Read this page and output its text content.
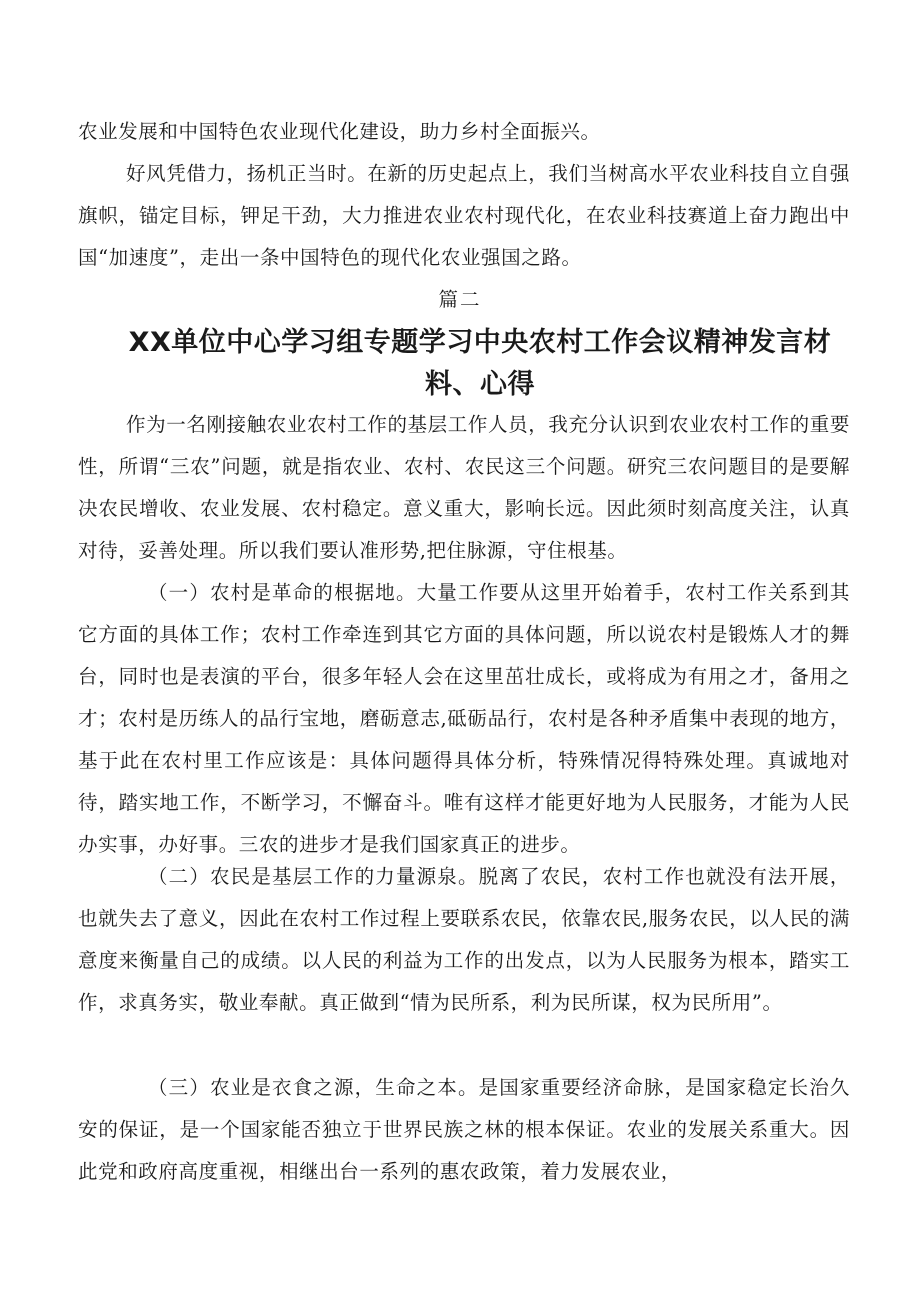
农业发展和中国特色农业现代化建设，助力乡村全面振兴。

好风凭借力，扬机正当时。在新的历史起点上，我们当树高水平农业科技自立自强旗帜，锚定目标，钾足干劲，大力推进农业农村现代化，在农业科技赛道上奋力跑出中国“加速度”，走出一条中国特色的现代化农业强国之路。

篇二
XX单位中心学习组专题学习中央农村工作会议精神发言材料、心得

作为一名刚接触农业农村工作的基层工作人员，我充分认识到农业农村工作的重要性，所谓“三农”问题，就是指农业、农村、农民这三个问题。研究三农问题目的是要解决农民增收、农业发展、农村稳定。意义重大，影响长远。因此须时刻高度关注，认真对待，妥善处理。所以我们要认准形势,把住脉源，守住根基。

（一）农村是革命的根据地。大量工作要从这里开始着手，农村工作关系到其它方面的具体工作；农村工作牵连到其它方面的具体问题，所以说农村是锻炼人才的舞台，同时也是表演的平台，很多年轻人会在这里茁壮成长，或将成为有用之才，备用之才；农村是历练人的品行宝地，磨砺意志,砥砺品行，农村是各种矛盾集中表现的地方，基于此在农村里工作应该是：具体问题得具体分析，特殊情况得特殊处理。真诚地对待，踏实地工作，不断学习，不懈奋斗。唯有这样才能更好地为人民服务，才能为人民办实事，办好事。三农的进步才是我们国家真正的进步。

（二）农民是基层工作的力量源泉。脱离了农民，农村工作也就没有法开展，也就失去了意义，因此在农村工作过程上要联系农民，依靠农民,服务农民，以人民的满意度来衡量自己的成绩。以人民的利益为工作的出发点，以为人民服务为根本，踏实工作，求真务实，敬业奉献。真正做到“情为民所系，利为民所谋，权为民所用”。

（三）农业是衣食之源，生命之本。是国家重要经济命脉，是国家稳定长治久安的保证，是一个国家能否独立于世界民族之林的根本保证。农业的发展关系重大。因此党和政府高度重视，相继出台一系列的惠农政策，着力发展农业，
